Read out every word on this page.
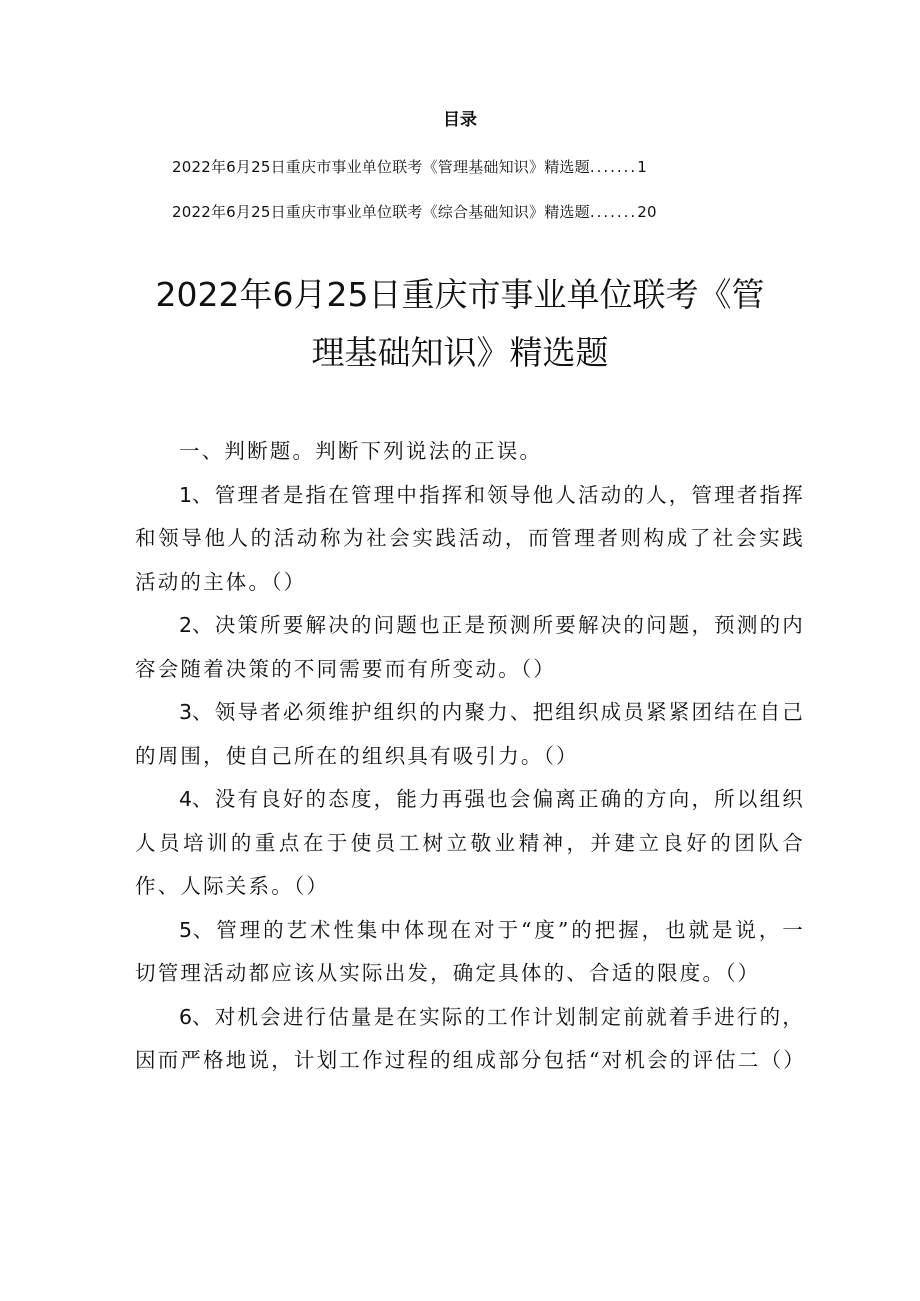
目录
2022年6月25日重庆市事业单位联考《管理基础知识》精选题.......1
2022年6月25日重庆市事业单位联考《综合基础知识》精选题.......20
2022年6月25日重庆市事业单位联考《管
理基础知识》精选题

一、判断题。判断下列说法的正误。

1、管理者是指在管理中指挥和领导他人活动的人，管理者指挥和领导他人的活动称为社会实践活动，而管理者则构成了社会实践活动的主体。（）

2、决策所要解决的问题也正是预测所要解决的问题，预测的内容会随着决策的不同需要而有所变动。（）

3、领导者必须维护组织的内聚力、把组织成员紧紧团结在自己的周围，使自己所在的组织具有吸引力。（）

4、没有良好的态度，能力再强也会偏离正确的方向，所以组织人员培训的重点在于使员工树立敬业精神，并建立良好的团队合作、人际关系。（）

5、管理的艺术性集中体现在对于“度”的把握，也就是说，一切管理活动都应该从实际出发，确定具体的、合适的限度。（）

6、对机会进行估量是在实际的工作计划制定前就着手进行的，因而严格地说，计划工作过程的组成部分包括“对机会的评估二（）
